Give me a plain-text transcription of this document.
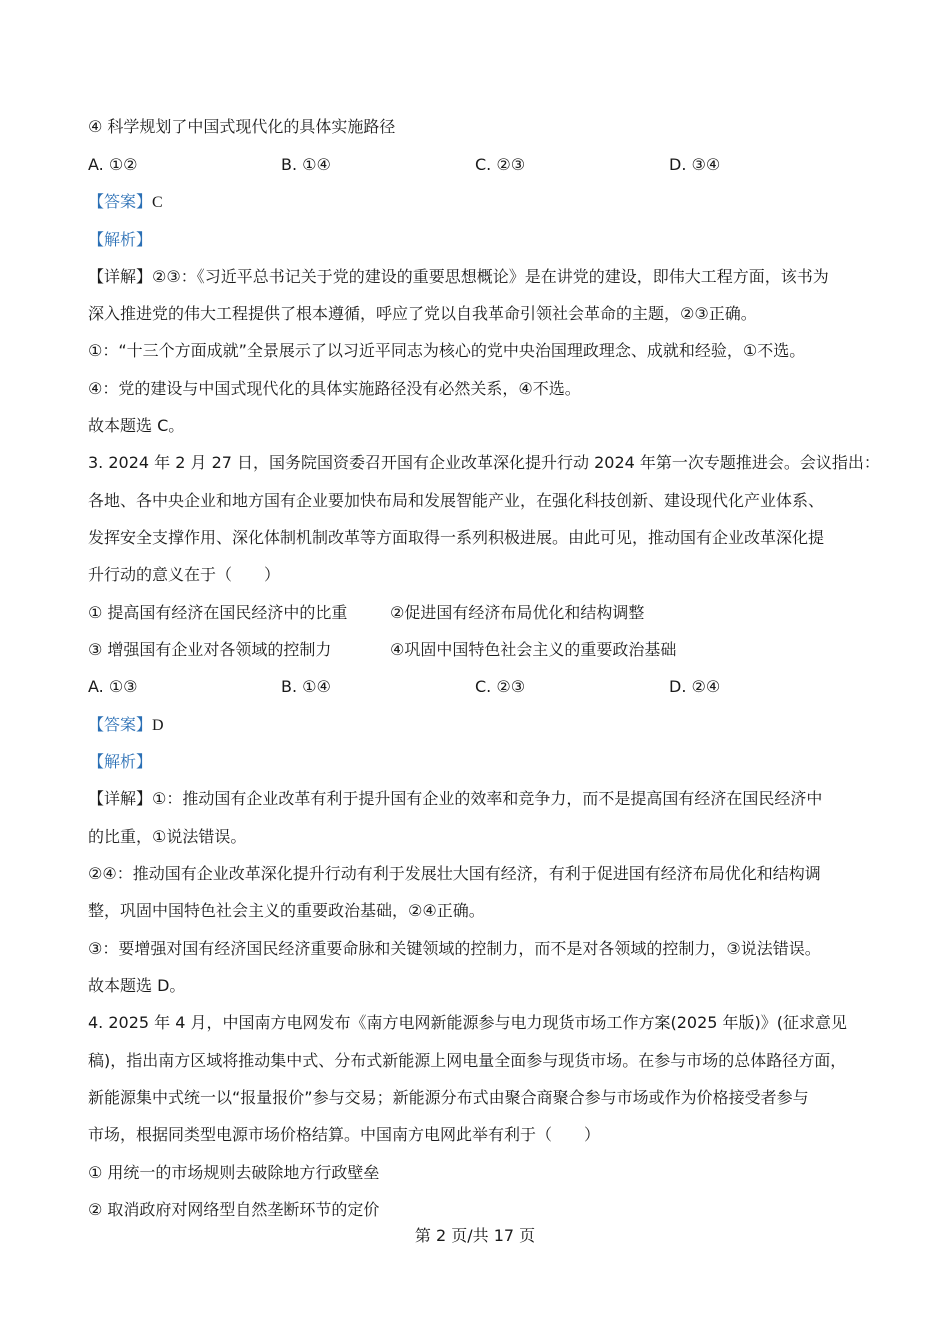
④ 科学规划了中国式现代化的具体实施路径
A. ①②	B. ①④	C. ②③	D. ③④
【答案】C
【解析】
【详解】②③：《习近平总书记关于党的建设的重要思想概论》是在讲党的建设，即伟大工程方面，该书为
深入推进党的伟大工程提供了根本遵循，呼应了党以自我革命引领社会革命的主题，②③正确。
①：“十三个方面成就”全景展示了以习近平同志为核心的党中央治国理政理念、成就和经验，①不选。
④：党的建设与中国式现代化的具体实施路径没有必然关系，④不选。
故本题选 C。
3. 2024 年 2 月 27 日，国务院国资委召开国有企业改革深化提升行动 2024 年第一次专题推进会。会议指出：
各地、各中央企业和地方国有企业要加快布局和发展智能产业，在强化科技创新、建设现代化产业体系、
发挥安全支撑作用、深化体制机制改革等方面取得一系列积极进展。由此可见，推动国有企业改革深化提
升行动的意义在于（　　）
① 提高国有经济在国民经济中的比重	②促进国有经济布局优化和结构调整
③ 增强国有企业对各领域的控制力	④巩固中国特色社会主义的重要政治基础
A. ①③	B. ①④	C. ②③	D. ②④
【答案】D
【解析】
【详解】①：推动国有企业改革有利于提升国有企业的效率和竞争力，而不是提高国有经济在国民经济中
的比重，①说法错误。
②④：推动国有企业改革深化提升行动有利于发展壮大国有经济，有利于促进国有经济布局优化和结构调
整，巩固中国特色社会主义的重要政治基础，②④正确。
③：要增强对国有经济国民经济重要命脉和关键领域的控制力，而不是对各领域的控制力，③说法错误。
故本题选 D。
4. 2025 年 4 月，中国南方电网发布《南方电网新能源参与电力现货市场工作方案(2025 年版)》(征求意见
稿)，指出南方区域将推动集中式、分布式新能源上网电量全面参与现货市场。在参与市场的总体路径方面，
新能源集中式统一以“报量报价”参与交易；新能源分布式由聚合商聚合参与市场或作为价格接受者参与
市场，根据同类型电源市场价格结算。中国南方电网此举有利于（　　）
① 用统一的市场规则去破除地方行政壁垒
② 取消政府对网络型自然垄断环节的定价
第 2 页/共 17 页
